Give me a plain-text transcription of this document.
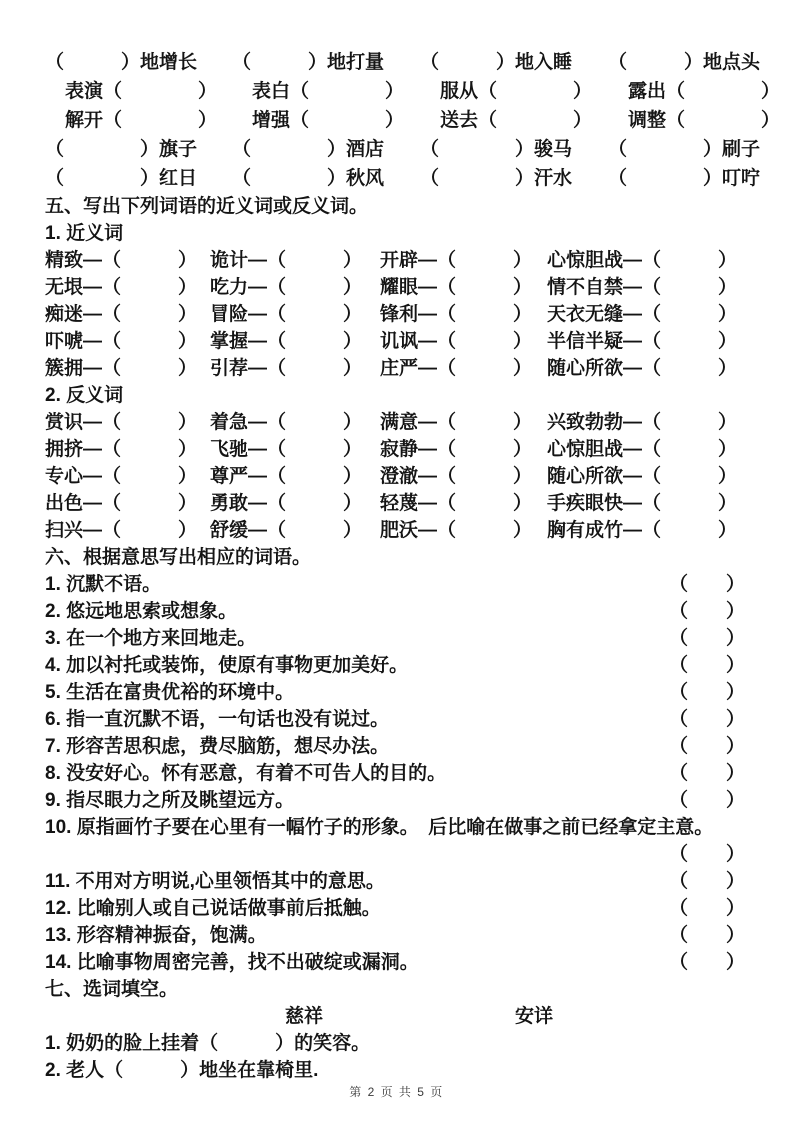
（　　　）地增长	（　　　）地打量	（　　　）地入睡	（　　　）地点头
表演（　　　　）	表白（　　　　）	服从（　　　　）	露出（　　　　）
解开（　　　　）	增强（　　　　）	送去（　　　　）	调整（　　　　）
（　　　　）旗子	（　　　　）酒店	（　　　　）骏马	（　　　　）刷子
（　　　　）红日	（　　　　）秋风	（　　　　）汗水	（　　　　）叮咛
五、写出下列词语的近义词或反义词。
1. 近义词
精致—（　　　） 诡计—（　　　） 开辟—（　　　） 心惊胆战—（　　　）
无垠—（　　　） 吃力—（　　　） 耀眼—（　　　） 情不自禁—（　　　）
痴迷—（　　　） 冒险—（　　　） 锋利—（　　　） 天衣无缝—（　　　）
吓唬—（　　　） 掌握—（　　　） 讥讽—（　　　） 半信半疑—（　　　）
簇拥—（　　　） 引荐—（　　　） 庄严—（　　　） 随心所欲—（　　　）
2. 反义词
赏识—（　　　） 着急—（　　　） 满意—（　　　） 兴致勃勃—（　　　）
拥挤—（　　　） 飞驰—（　　　） 寂静—（　　　） 心惊胆战—（　　　）
专心—（　　　） 尊严—（　　　） 澄澈—（　　　） 随心所欲—（　　　）
出色—（　　　） 勇敢—（　　　） 轻蔑—（　　　） 手疾眼快—（　　　）
扫兴—（　　　） 舒缓—（　　　） 肥沃—（　　　） 胸有成竹—（　　　）
六、根据意思写出相应的词语。
1. 沉默不语。	（　　）
2. 悠远地思索或想象。	（　　）
3. 在一个地方来回地走。	（　　）
4. 加以衬托或装饰，使原有事物更加美好。	（　　）
5. 生活在富贵优裕的环境中。	（　　）
6. 指一直沉默不语，一句话也没有说过。	（　　）
7. 形容苦思积虑，费尽脑筋，想尽办法。	（　　）
8. 没安好心。怀有恶意，有着不可告人的目的。	（　　）
9. 指尽眼力之所及眺望远方。	（　　）
10. 原指画竹子要在心里有一幅竹子的形象。　后比喻在做事之前已经拿定主意。
（　　）
11. 不用对方明说,心里领悟其中的意思。	（　　）
12. 比喻别人或自己说话做事前后抵触。	（　　）
13. 形容精神振奋，饱满。	（　　）
14. 比喻事物周密完善，找不出破绽或漏洞。	（　　）
七、选词填空。
慈祥	安详
1. 奶奶的脸上挂着（　　　）的笑容。
2. 老人（　　　）地坐在靠椅里.
第 2 页 共 5 页
